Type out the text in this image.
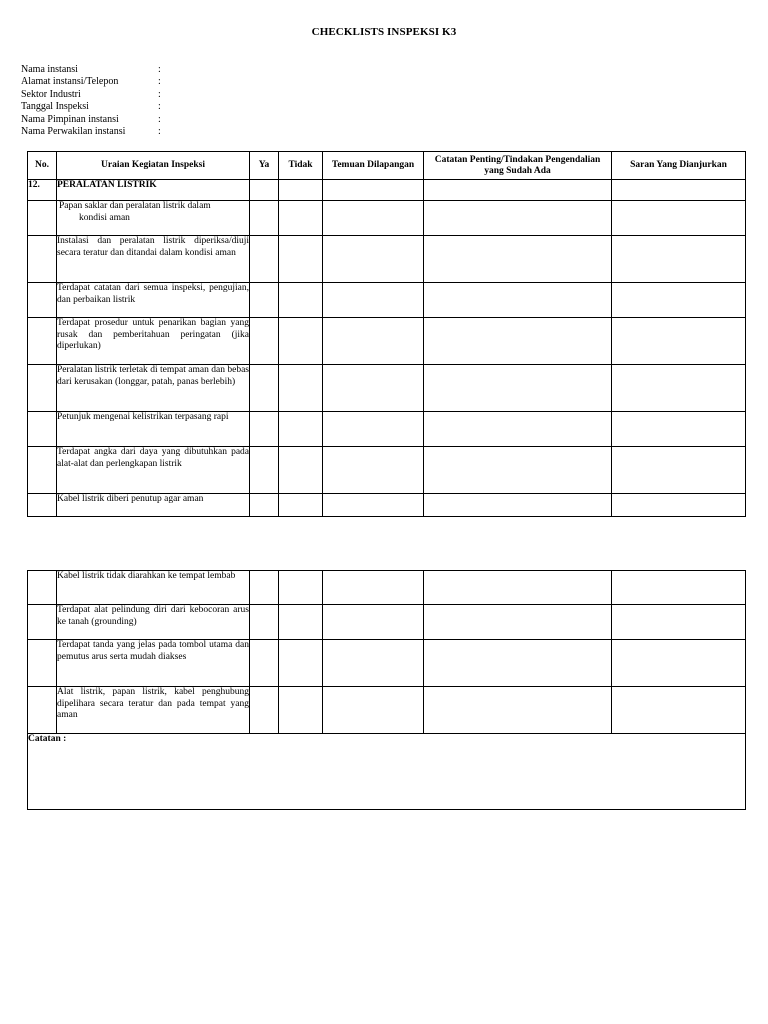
CHECKLISTS INSPEKSI K3
Nama instansi	:
Alamat instansi/Telepon	:
Sektor Industri	:
Tanggal Inspeksi	:
Nama Pimpinan instansi	:
Nama Perwakilan instansi	:
No.	Uraian Kegiatan Inspeksi	Ya	Tidak	Temuan Dilapangan	Catatan Penting/Tindakan Pengendalian yang Sudah Ada	Saran Yang Dianjurkan
12.	PERALATAN LISTRIK					
	Papan saklar dan peralatan listrik dalam
kondisi aman					

	Instalasi dan peralatan listrik diperiksa/diuji secara teratur dan ditandai dalam kondisi aman					
	Terdapat catatan dari semua inspeksi, pengujian, dan perbaikan listrik					
	Terdapat prosedur untuk penarikan bagian yang rusak dan pemberitahuan peringatan (jika diperlukan)					
	Peralatan listrik terletak di tempat aman dan bebas dari kerusakan (longgar, patah, panas berlebih)					
	Petunjuk mengenai kelistrikan terpasang rapi					
	Terdapat angka dari daya yang dibutuhkan pada alat-alat dan perlengkapan listrik					
	Kabel listrik diberi penutup agar aman					
	Kabel listrik tidak diarahkan ke tempat lembab					
	Terdapat alat pelindung diri dari kebocoran arus ke tanah (grounding)					
	Terdapat tanda yang jelas pada tombol utama dan pemutus arus serta mudah diakses					
	Alat listrik, papan listrik, kabel penghubung dipelihara secara teratur dan pada tempat yang aman					
Catatan :						
